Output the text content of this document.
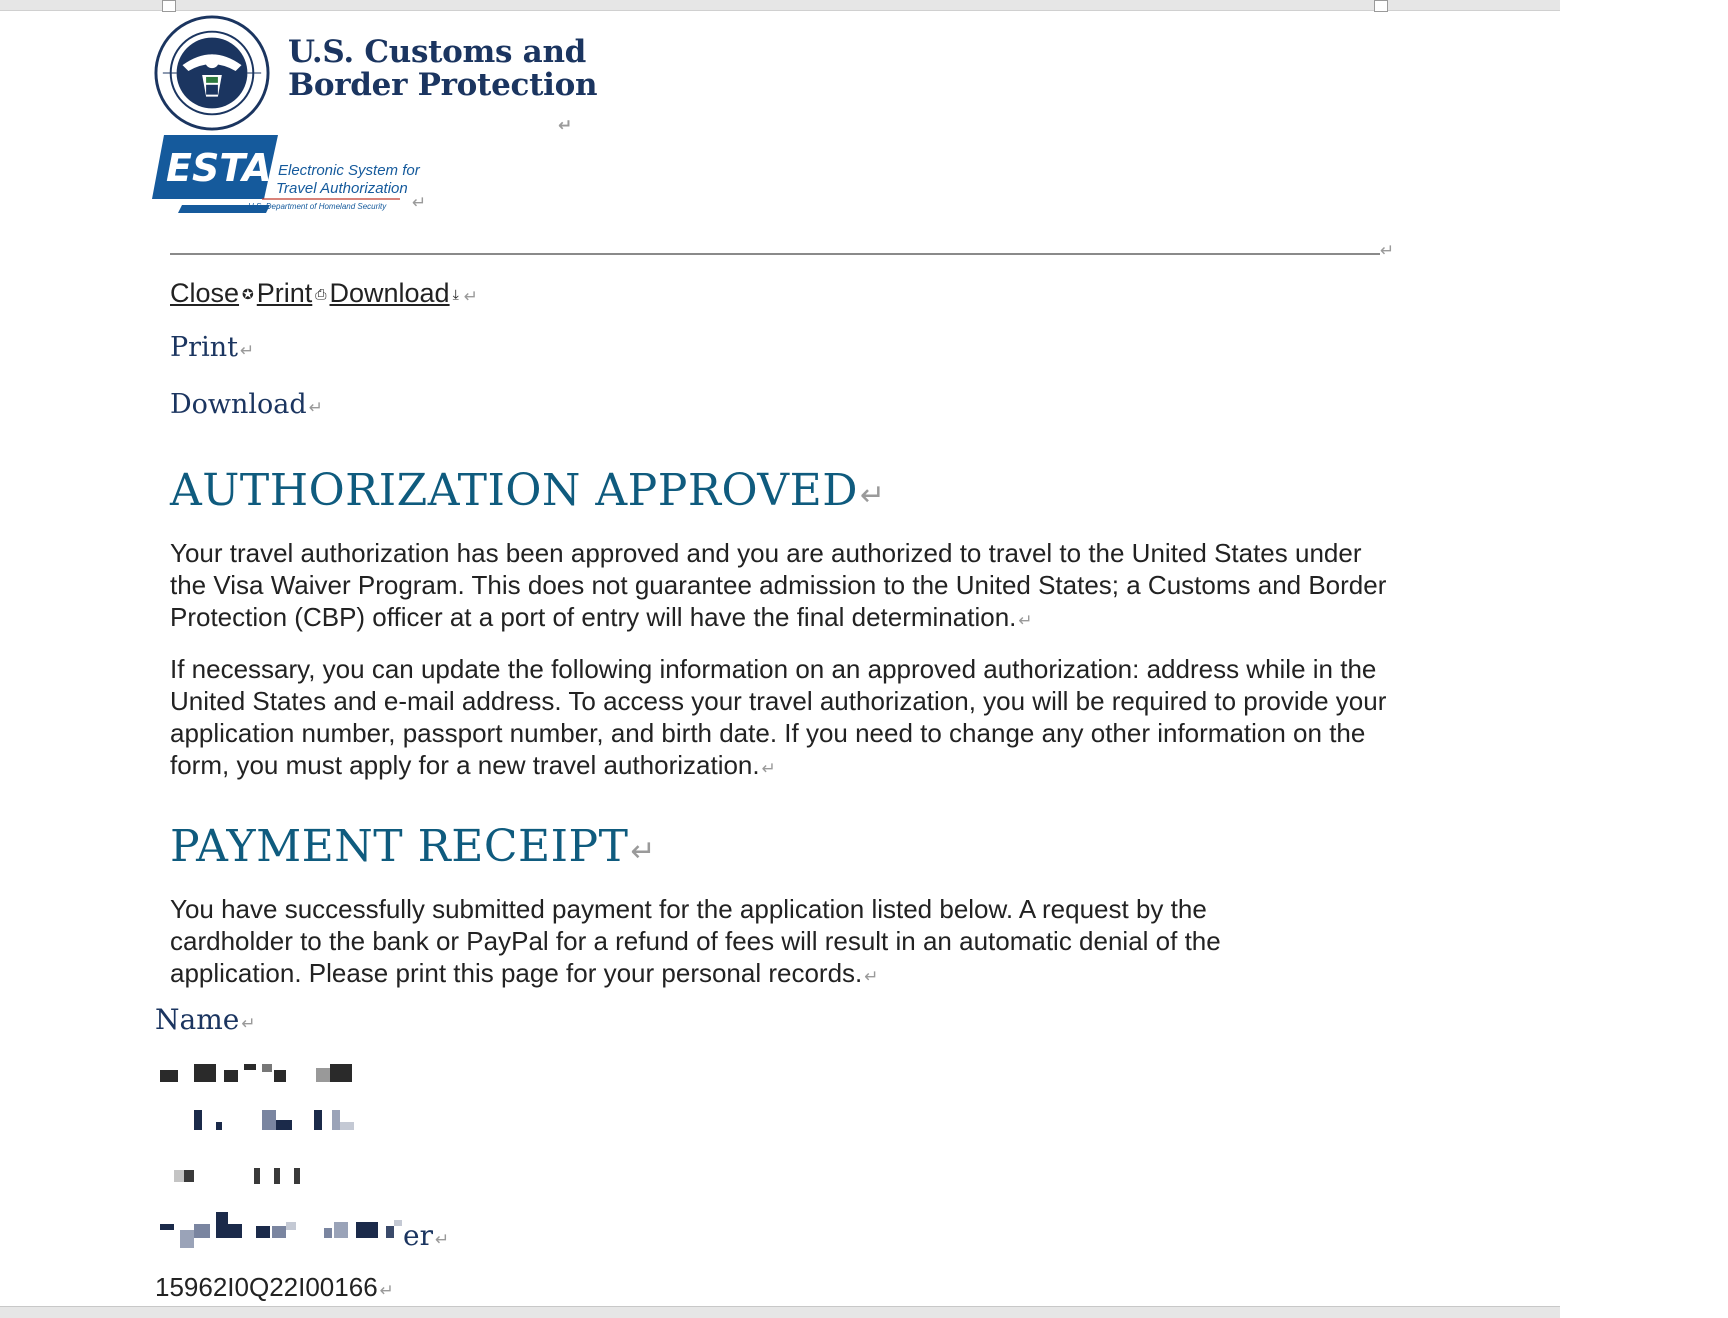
U.S. Customs and
Border Protection
↵
ESTA Electronic System for
Travel Authorization
U.S. Department of Homeland Security ↵
↵
Close ✪ Print ⎙ Download ⤓ ↵
Print ↵
Download ↵
AUTHORIZATION APPROVED↵
Your travel authorization has been approved and you are authorized to travel to the United States under the Visa Waiver Program. This does not guarantee admission to the United States; a Customs and Border Protection (CBP) officer at a port of entry will have the final determination. ↵
If necessary, you can update the following information on an approved authorization: address while in the United States and e-mail address. To access your travel authorization, you will be required to provide your application number, passport number, and birth date. If you need to change any other information on the form, you must apply for a new travel authorization. ↵
PAYMENT RECEIPT↵
You have successfully submitted payment for the application listed below. A request by the cardholder to the bank or PayPal for a refund of fees will result in an automatic denial of the application. Please print this page for your personal records. ↵
Name ↵
er ↵
15962I0Q22I00166 ↵
